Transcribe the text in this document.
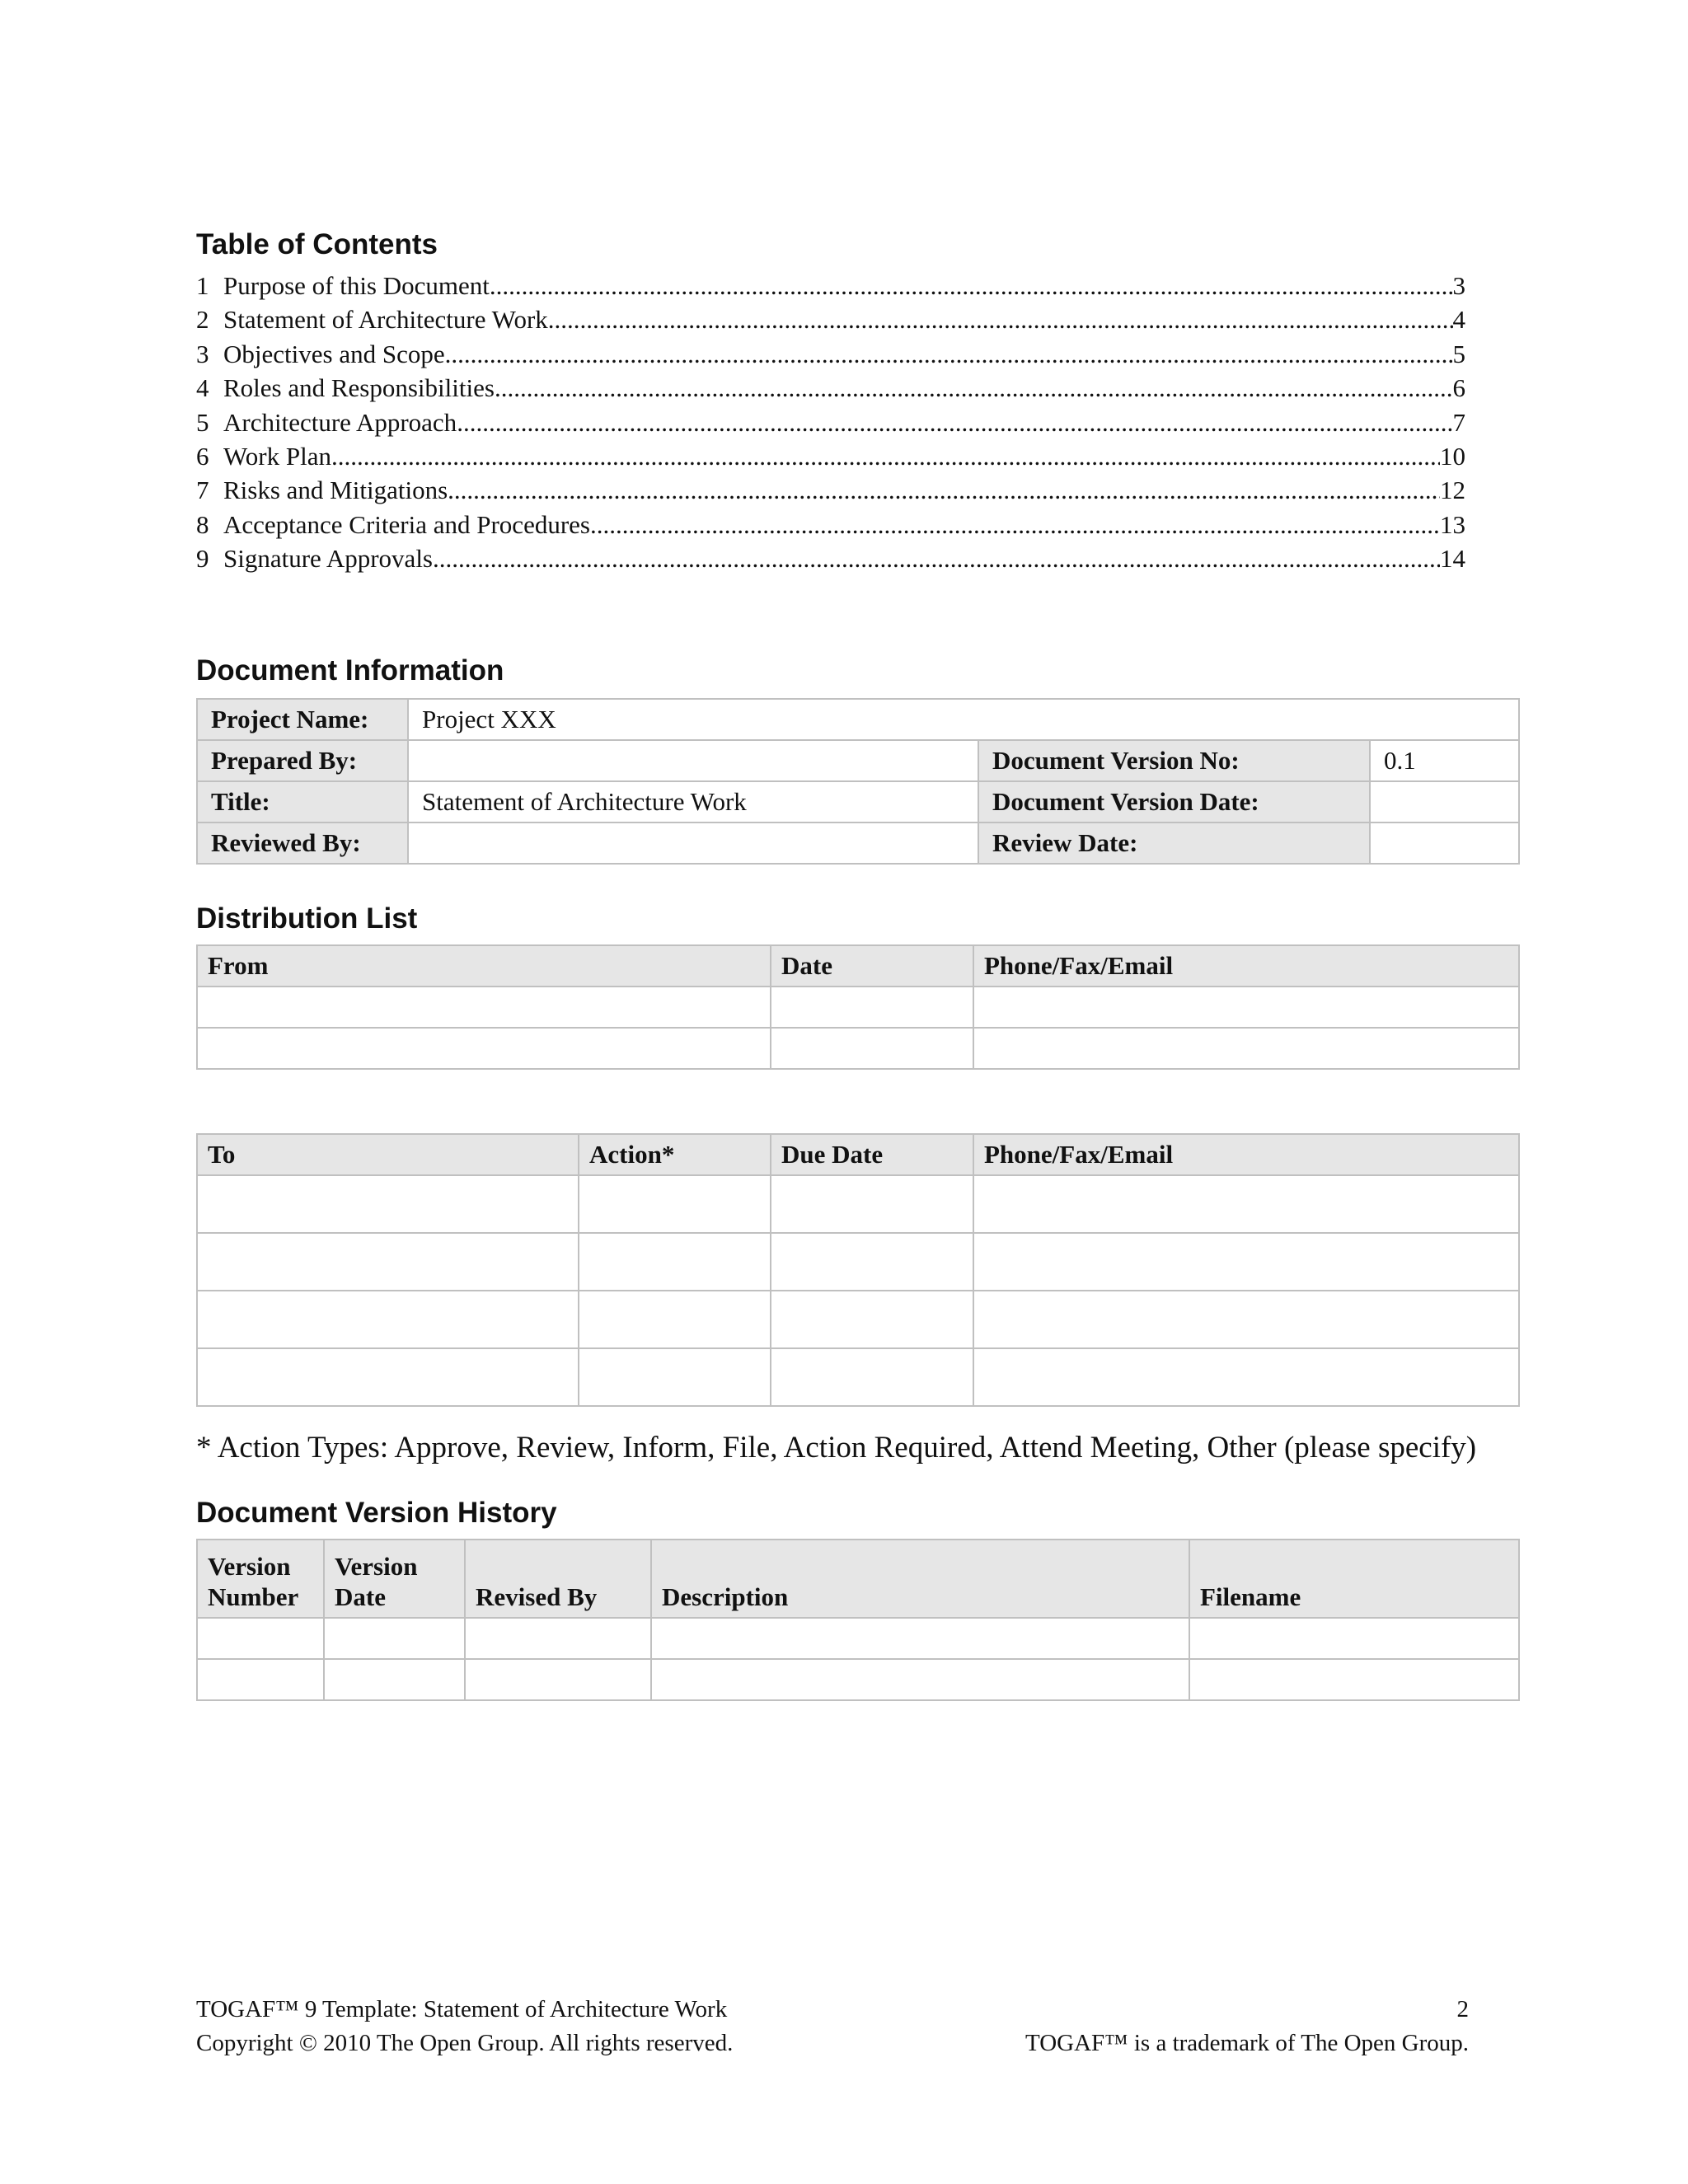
Table of Contents
1 Purpose of this Document .....	3
2 Statement of Architecture Work .....	4
3 Objectives and Scope .....	5
4 Roles and Responsibilities .....	6
5 Architecture Approach .....	7
6 Work Plan .....	10
7 Risks and Mitigations .....	12
8 Acceptance Criteria and Procedures .....	13
9 Signature Approvals .....	14
Document Information
Project Name:	Project XXX		
Prepared By:		Document Version No:	0.1
Title:	Statement of Architecture Work	Document Version Date:	
Reviewed By:		Review Date:	
Distribution List
From	Date	Phone/Fax/Email

To	Action*	Due Date	Phone/Fax/Email

* Action Types: Approve, Review, Inform, File, Action Required, Attend Meeting, Other (please specify)
Document Version History
Version Number	Version Date	Revised By	Description	Filename

TOGAF™ 9 Template: Statement of Architecture Work	2
Copyright © 2010 The Open Group. All rights reserved.	TOGAF™ is a trademark of The Open Group.
